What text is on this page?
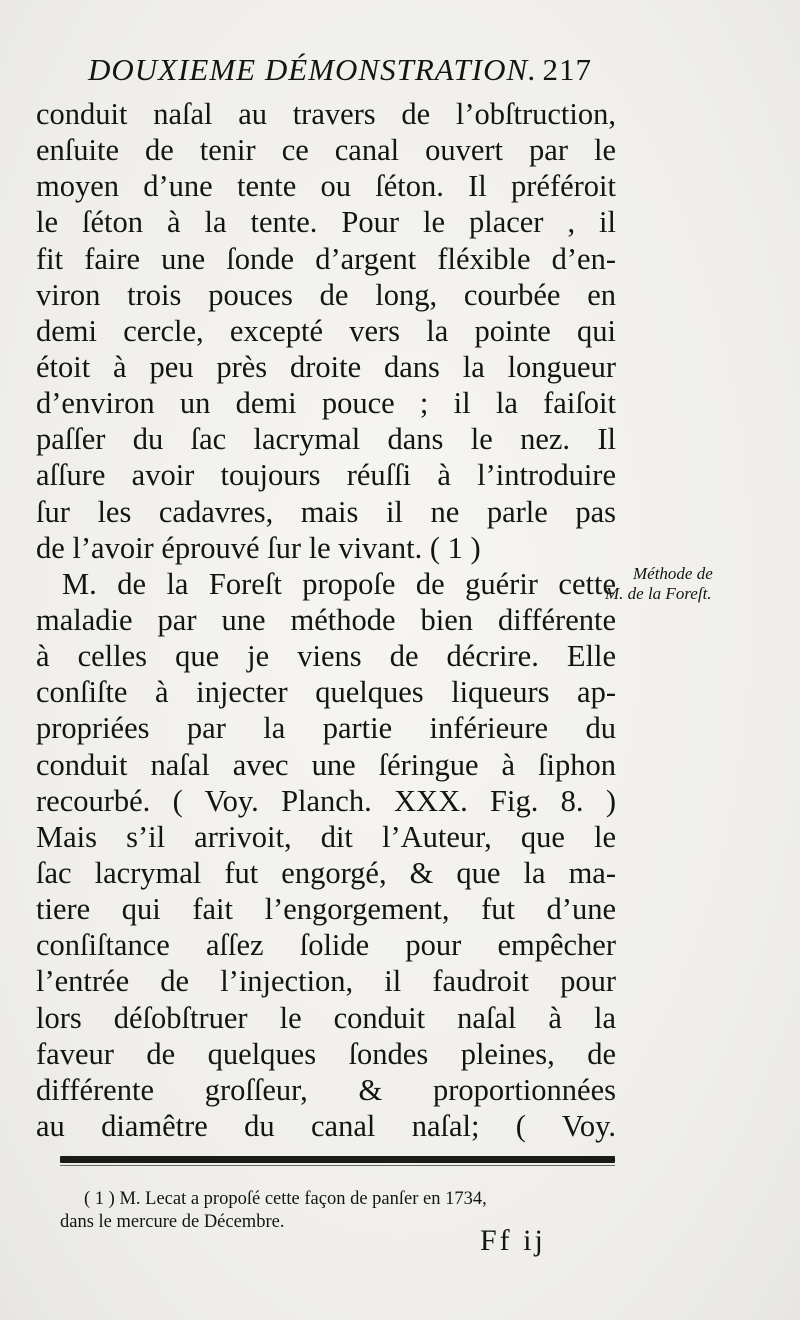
DOUXIEME DÉMONSTRATION. 217
conduit naſal au travers de l’obſtruction,
enſuite de tenir ce canal ouvert par le
moyen d’une tente ou ſéton. Il préféroit
le ſéton à la tente. Pour le placer , il
fit faire une ſonde d’argent fléxible d’en-
viron trois pouces de long, courbée en
demi cercle, excepté vers la pointe qui
étoit à peu près droite dans la longueur
d’environ un demi pouce ; il la faiſoit
paſſer du ſac lacrymal dans le nez. Il
aſſure avoir toujours réuſſi à l’introduire
ſur les cadavres, mais il ne parle pas
de l’avoir éprouvé ſur le vivant. ( 1 )
M. de la Foreſt propoſe de guérir cette
maladie par une méthode bien différente
à celles que je viens de décrire. Elle
conſiſte à injecter quelques liqueurs ap-
propriées par la partie inférieure du
conduit naſal avec une ſéringue à ſiphon
recourbé. ( Voy. Planch. XXX. Fig. 8. )
Mais s’il arrivoit, dit l’Auteur, que le
ſac lacrymal fut engorgé, & que la ma-
tiere qui fait l’engorgement, fut d’une
conſiſtance aſſez ſolide pour empêcher
l’entrée de l’injection, il faudroit pour
lors déſobſtruer le conduit naſal à la
faveur de quelques ſondes pleines, de
différente groſſeur, & proportionnées
au diamêtre du canal naſal; ( Voy.
Méthode de
M. de la Foreſt.
( 1 ) M. Lecat a propoſé cette façon de panſer en 1734,
dans le mercure de Décembre.
Ff ij
